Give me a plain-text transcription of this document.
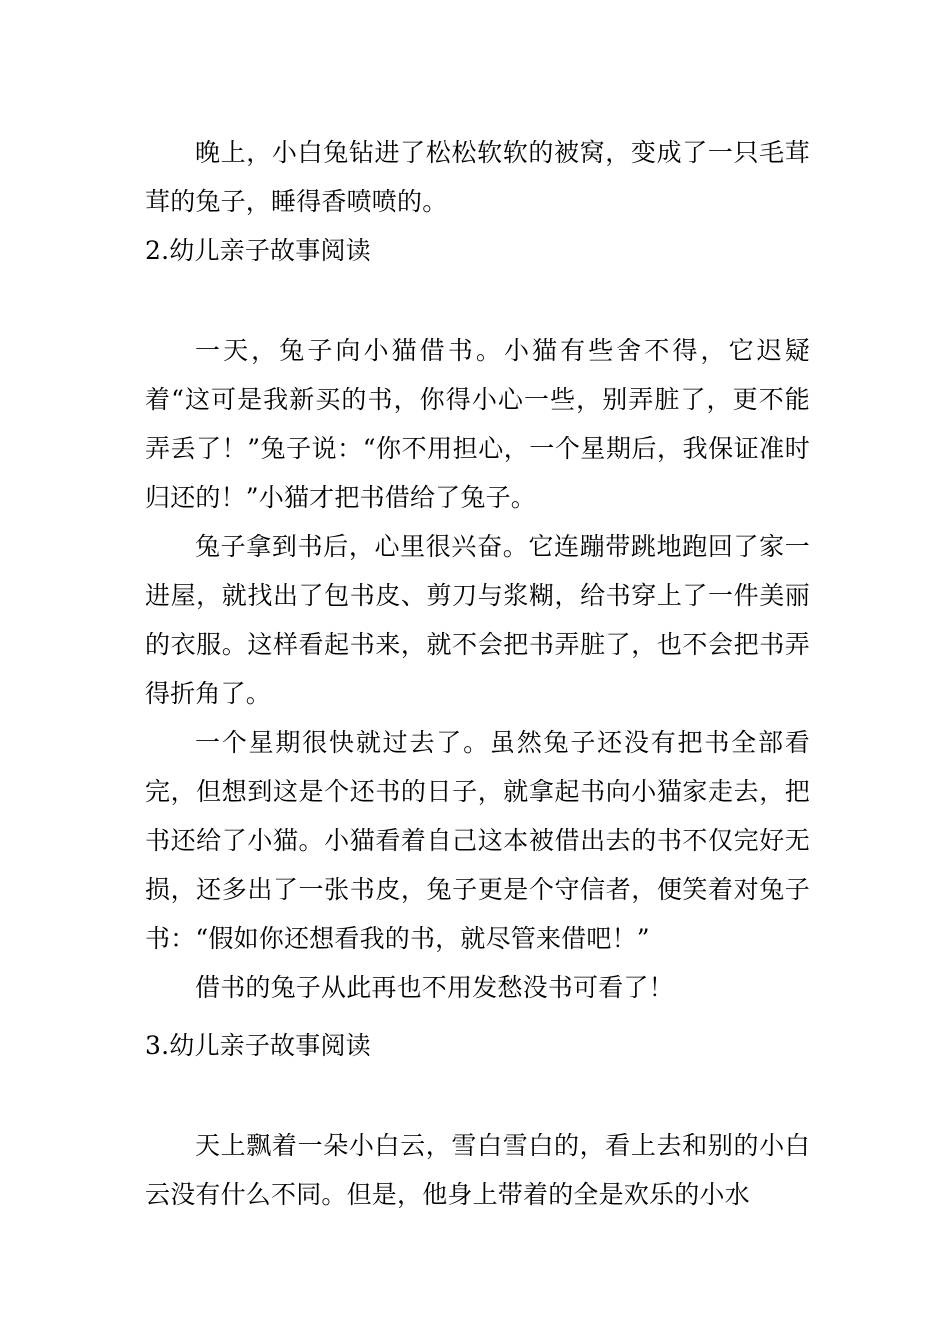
晚上，小白兔钻进了松松软软的被窝，变成了一只毛茸茸的兔子，睡得香喷喷的。

2.幼儿亲子故事阅读

一天，兔子向小猫借书。小猫有些舍不得，它迟疑着“这可是我新买的书，你得小心一些，别弄脏了，更不能弄丢了！”兔子说：“你不用担心，一个星期后，我保证准时归还的！”小猫才把书借给了兔子。

兔子拿到书后，心里很兴奋。它连蹦带跳地跑回了家一进屋，就找出了包书皮、剪刀与浆糊，给书穿上了一件美丽的衣服。这样看起书来，就不会把书弄脏了，也不会把书弄得折角了。

一个星期很快就过去了。虽然兔子还没有把书全部看完，但想到这是个还书的日子，就拿起书向小猫家走去，把书还给了小猫。小猫看着自己这本被借出去的书不仅完好无损，还多出了一张书皮，兔子更是个守信者，便笑着对兔子书：“假如你还想看我的书，就尽管来借吧！”

借书的兔子从此再也不用发愁没书可看了！

3.幼儿亲子故事阅读

天上飘着一朵小白云，雪白雪白的，看上去和别的小白云没有什么不同。但是，他身上带着的全是欢乐的小水
